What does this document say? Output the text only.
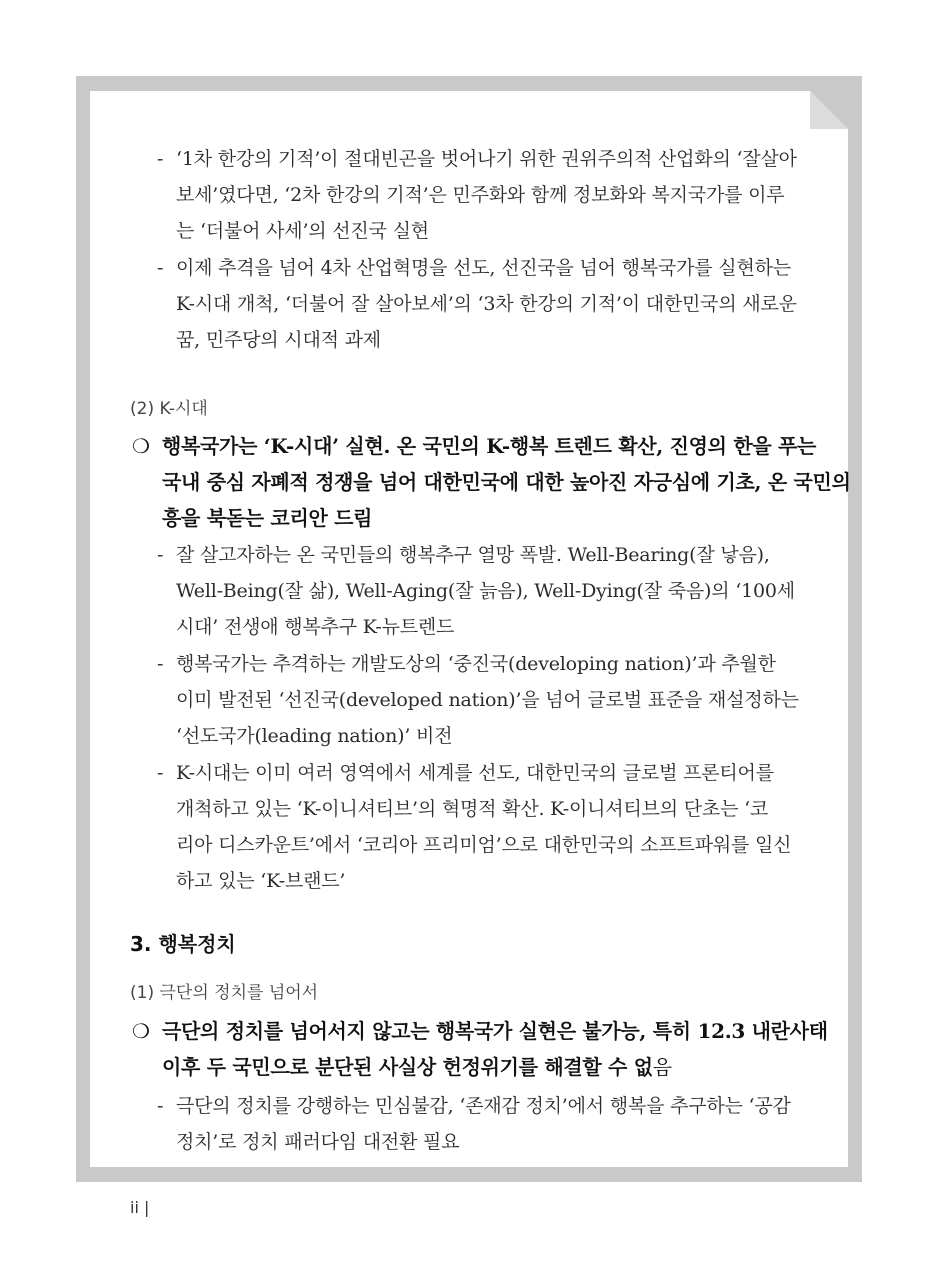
- ‘1차 한강의 기적’이 절대빈곤을 벗어나기 위한 권위주의적 산업화의 ‘잘살아
보세’였다면, ‘2차 한강의 기적’은 민주화와 함께 정보화와 복지국가를 이루
는 ‘더불어 사세’의 선진국 실현
- 이제 추격을 넘어 4차 산업혁명을 선도, 선진국을 넘어 행복국가를 실현하는
K-시대 개척, ‘더불어 잘 살아보세’의 ‘3차 한강의 기적’이 대한민국의 새로운
꿈, 민주당의 시대적 과제
(2) K-시대
❍ 행복국가는 ‘K-시대’ 실현. 온 국민의 K-행복 트렌드 확산, 진영의 한을 푸는
국내 중심 자폐적 정쟁을 넘어 대한민국에 대한 높아진 자긍심에 기초, 온 국민의
흥을 북돋는 코리안 드림
- 잘 살고자하는 온 국민들의 행복추구 열망 폭발. Well-Bearing(잘 낳음),
Well-Being(잘 삶), Well-Aging(잘 늙음), Well-Dying(잘 죽음)의 ‘100세
시대’ 전생애 행복추구 K-뉴트렌드
- 행복국가는 추격하는 개발도상의 ‘중진국(developing nation)’과 추월한
이미 발전된 ‘선진국(developed nation)’을 넘어 글로벌 표준을 재설정하는
‘선도국가(leading nation)’ 비전
- K-시대는 이미 여러 영역에서 세계를 선도, 대한민국의 글로벌 프론티어를
개척하고 있는 ‘K-이니셔티브’의 혁명적 확산. K-이니셔티브의 단초는 ‘코
리아 디스카운트’에서 ‘코리아 프리미엄’으로 대한민국의 소프트파워를 일신
하고 있는 ‘K-브랜드’
3. 행복정치
(1) 극단의 정치를 넘어서
❍ 극단의 정치를 넘어서지 않고는 행복국가 실현은 불가능, 특히 12.3 내란사태
이후 두 국민으로 분단된 사실상 헌정위기를 해결할 수 없음
- 극단의 정치를 강행하는 민심불감, ‘존재감 정치’에서 행복을 추구하는 ‘공감
정치’로 정치 패러다임 대전환 필요
ii |
